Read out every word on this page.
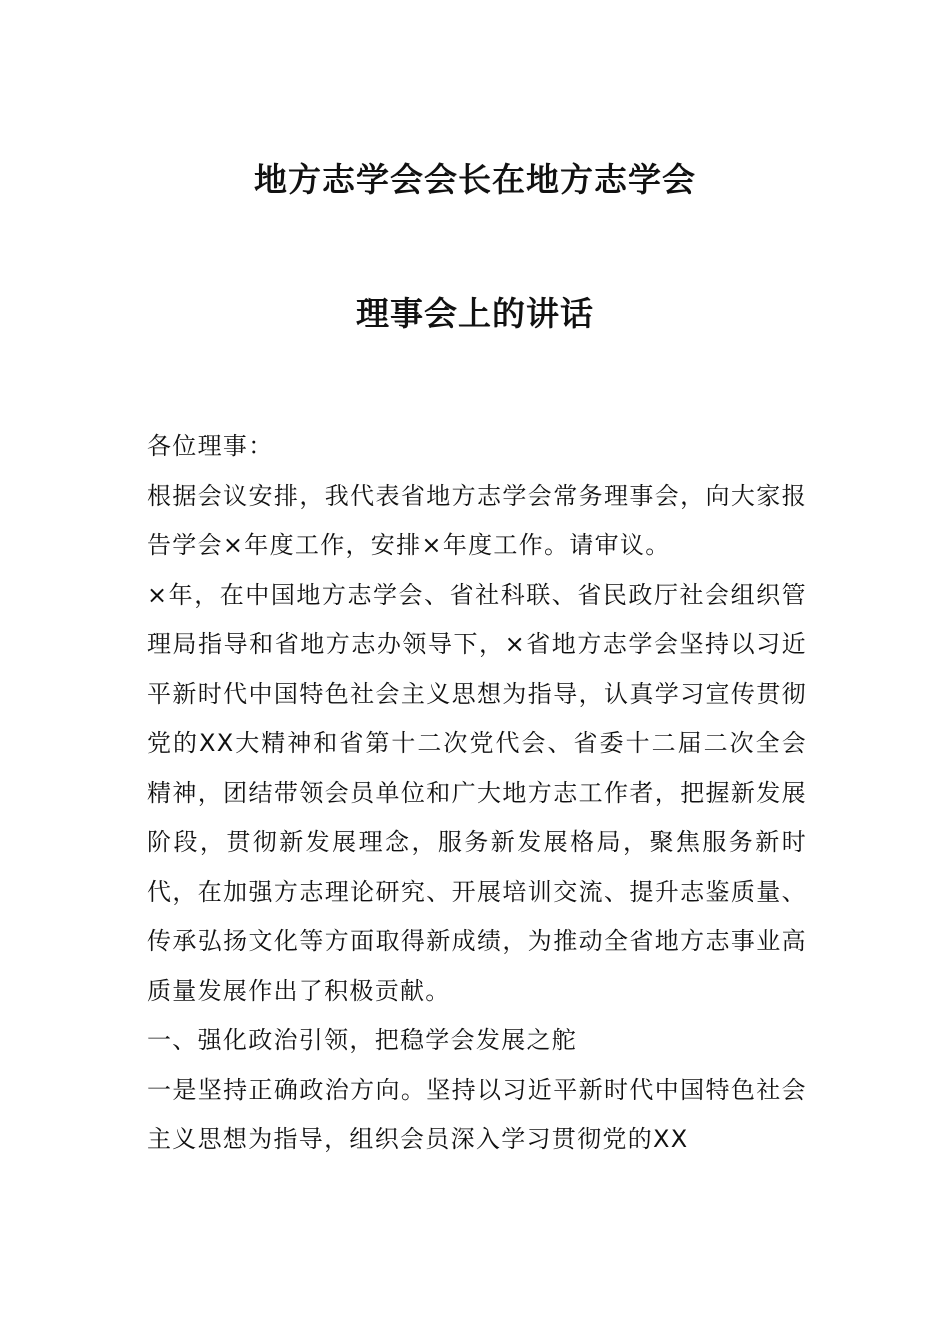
地方志学会会长在地方志学会
理事会上的讲话

各位理事：

根据会议安排，我代表省地方志学会常务理事会，向大家报告学会×年度工作，安排×年度工作。请审议。

×年，在中国地方志学会、省社科联、省民政厅社会组织管理局指导和省地方志办领导下，×省地方志学会坚持以习近平新时代中国特色社会主义思想为指导，认真学习宣传贯彻党的XX大精神和省第十二次党代会、省委十二届二次全会精神，团结带领会员单位和广大地方志工作者，把握新发展阶段，贯彻新发展理念，服务新发展格局，聚焦服务新时代，在加强方志理论研究、开展培训交流、提升志鉴质量、传承弘扬文化等方面取得新成绩，为推动全省地方志事业高质量发展作出了积极贡献。

一、强化政治引领，把稳学会发展之舵

一是坚持正确政治方向。坚持以习近平新时代中国特色社会主义思想为指导，组织会员深入学习贯彻党的XX
